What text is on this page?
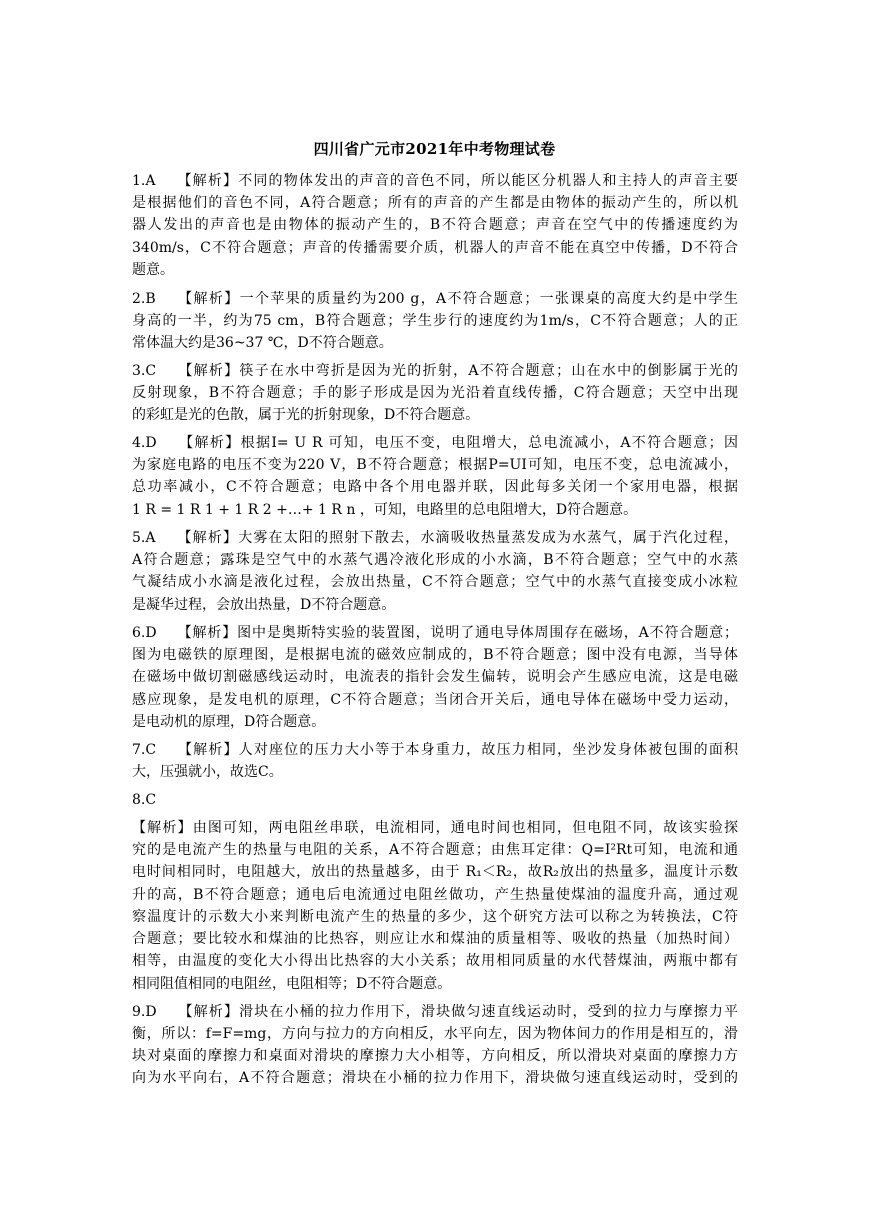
四川省广元市2021年中考物理试卷
1.A　 【解析】不同的物体发出的声音的音色不同，所以能区分机器人和主持人的声音主要
是根据他们的音色不同，A符合题意；所有的声音的产生都是由物体的振动产生的，所以机
器人发出的声音也是由物体的振动产生的，B不符合题意；声音在空气中的传播速度约为
340m/s，C不符合题意；声音的传播需要介质，机器人的声音不能在真空中传播，D不符合
题意。
2.B　 【解析】一个苹果的质量约为200 g，A不符合题意；一张课桌的高度大约是中学生
身高的一半，约为75 cm，B符合题意；学生步行的速度约为1m/s，C不符合题意；人的正
常体温大约是36~37 ℃，D不符合题意。
3.C　 【解析】筷子在水中弯折是因为光的折射，A不符合题意；山在水中的倒影属于光的
反射现象，B不符合题意；手的影子形成是因为光沿着直线传播，C符合题意；天空中出现
的彩虹是光的色散，属于光的折射现象，D不符合题意。
4.D　 【解析】根据I= U R 可知，电压不变，电阻增大，总电流减小，A不符合题意；因
为家庭电路的电压不变为220 V，B不符合题意；根据P=UI可知，电压不变，总电流减小，
总功率减小，C不符合题意；电路中各个用电器并联，因此每多关闭一个家用电器，根据
1 R = 1 R 1 + 1 R 2 +…+ 1 R n ，可知，电路里的总电阻增大，D符合题意。
5.A　 【解析】大雾在太阳的照射下散去，水滴吸收热量蒸发成为水蒸气，属于汽化过程，
A符合题意；露珠是空气中的水蒸气遇冷液化形成的小水滴，B不符合题意；空气中的水蒸
气凝结成小水滴是液化过程，会放出热量，C不符合题意；空气中的水蒸气直接变成小冰粒
是凝华过程，会放出热量，D不符合题意。
6.D　 【解析】图中是奥斯特实验的装置图，说明了通电导体周围存在磁场，A不符合题意；
图为电磁铁的原理图，是根据电流的磁效应制成的，B不符合题意；图中没有电源，当导体
在磁场中做切割磁感线运动时，电流表的指针会发生偏转，说明会产生感应电流，这是电磁
感应现象，是发电机的原理，C不符合题意；当闭合开关后，通电导体在磁场中受力运动，
是电动机的原理，D符合题意。
7.C　 【解析】人对座位的压力大小等于本身重力，故压力相同，坐沙发身体被包围的面积
大，压强就小，故选C。
8.C
【解析】由图可知，两电阻丝串联，电流相同，通电时间也相同，但电阻不同，故该实验探
究的是电流产生的热量与电阻的关系，A不符合题意；由焦耳定律：Q=I²Rt可知，电流和通
电时间相同时，电阻越大，放出的热量越多，由于 R₁＜R₂，故R₂放出的热量多，温度计示数
升的高，B不符合题意；通电后电流通过电阻丝做功，产生热量使煤油的温度升高，通过观
察温度计的示数大小来判断电流产生的热量的多少，这个研究方法可以称之为转换法，C符
合题意；要比较水和煤油的比热容，则应让水和煤油的质量相等、吸收的热量（加热时间）
相等，由温度的变化大小得出比热容的大小关系；故用相同质量的水代替煤油，两瓶中都有
相同阻值相同的电阻丝，电阻相等；D不符合题意。
9.D　 【解析】滑块在小桶的拉力作用下，滑块做匀速直线运动时，受到的拉力与摩擦力平
衡，所以：f=F=mg，方向与拉力的方向相反，水平向左，因为物体间力的作用是相互的，滑
块对桌面的摩擦力和桌面对滑块的摩擦力大小相等，方向相反，所以滑块对桌面的摩擦力方
向为水平向右，A不符合题意；滑块在小桶的拉力作用下，滑块做匀速直线运动时，受到的
